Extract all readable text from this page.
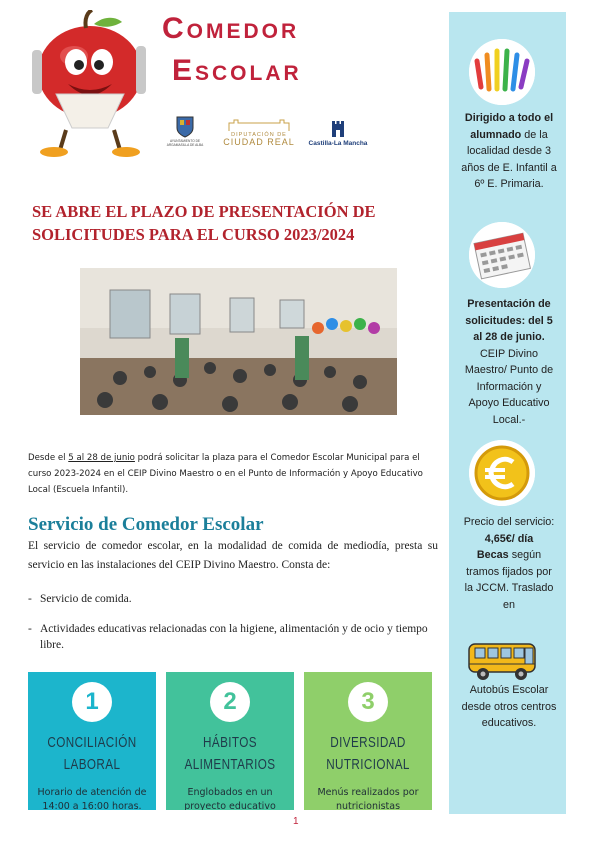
Comedor
Escolar
AYUNTAMIENTO DE ARGAMASILLA DE ALBA
DIPUTACIÓN DE
CIUDAD REAL Castilla-La Mancha
SE ABRE EL PLAZO DE PRESENTACIÓN DE SOLICITUDES PARA EL CURSO 2023/2024
Desde el 5 al 28 de junio podrá solicitar la plaza para el Comedor Escolar Municipal para el curso 2023-2024 en el CEIP Divino Maestro o en el Punto de Información y Apoyo Educativo Local (Escuela Infantil).
Servicio de Comedor Escolar
El servicio de comedor escolar, en la modalidad de comida de mediodía, presta su servicio en las instalaciones del CEIP Divino Maestro. Consta de:
- Servicio de comida.
- Actividades educativas relacionadas con la higiene, alimentación y de ocio y tiempo libre.
1
CONCILIACIÓN
LABORAL
Horario de atención de 14:00 a 16:00 horas.
2
HÁBITOS
ALIMENTARIOS
Englobados en un proyecto educativo
3
DIVERSIDAD
NUTRICIONAL
Menús realizados por nutricionistas
1
Dirigido a todo el alumnado de la localidad desde 3 años de E. Infantil a 6º E. Primaria.
Presentación de solicitudes: del 5 al 28 de junio. CEIP Divino Maestro/ Punto de Información y Apoyo Educativo Local.-
Precio del servicio: 4,65€/ día
Becas según tramos fijados por la JCCM. Traslado en
Autobús Escolar desde otros centros educativos.
